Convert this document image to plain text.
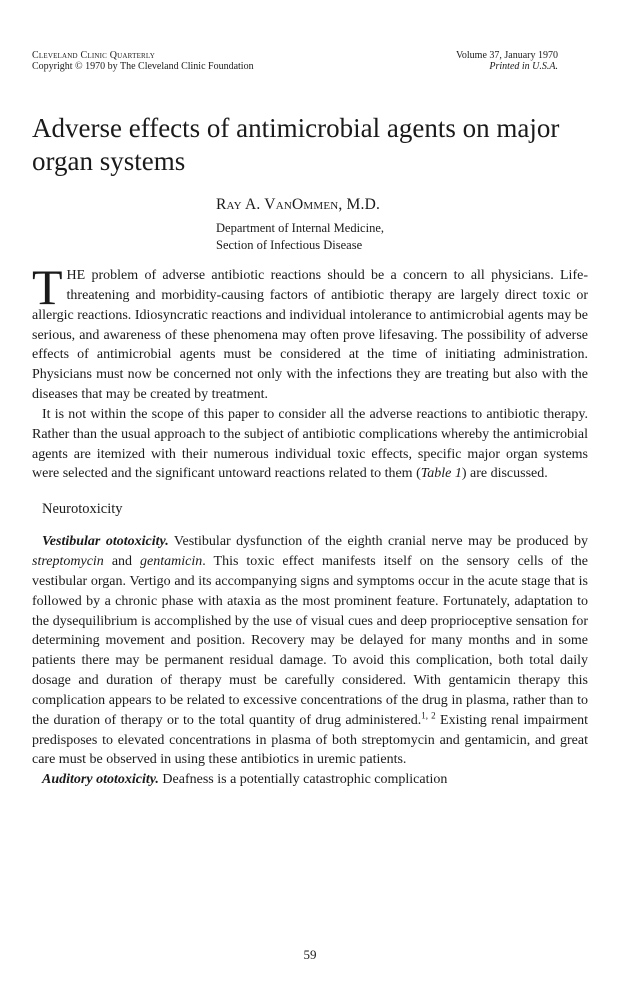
Cleveland Clinic Quarterly
Copyright © 1970 by The Cleveland Clinic Foundation
Volume 37, January 1970
Printed in U.S.A.
Adverse effects of antimicrobial agents on major organ systems
Ray A. VanOmmen, M.D.
Department of Internal Medicine,
Section of Infectious Disease

THE problem of adverse antibiotic reactions should be a concern to all physicians. Life-threatening and morbidity-causing factors of antibiotic therapy are largely direct toxic or allergic reactions. Idiosyncratic reactions and individual intolerance to antimicrobial agents may be serious, and awareness of these phenomena may often prove lifesaving. The possibility of adverse effects of antimicrobial agents must be considered at the time of initiating administration. Physicians must now be concerned not only with the infections they are treating but also with the diseases that may be created by treatment.

It is not within the scope of this paper to consider all the adverse reactions to antibiotic therapy. Rather than the usual approach to the subject of antibiotic complications whereby the antimicrobial agents are itemized with their numerous individual toxic effects, specific major organ systems were selected and the significant untoward reactions related to them (Table 1) are discussed.

Neurotoxicity

Vestibular ototoxicity. Vestibular dysfunction of the eighth cranial nerve may be produced by streptomycin and gentamicin. This toxic effect manifests itself on the sensory cells of the vestibular organ. Vertigo and its accompanying signs and symptoms occur in the acute stage that is followed by a chronic phase with ataxia as the most prominent feature. Fortunately, adaptation to the dysequilibrium is accomplished by the use of visual cues and deep proprioceptive sensation for determining movement and position. Recovery may be delayed for many months and in some patients there may be permanent residual damage. To avoid this complication, both total daily dosage and duration of therapy must be carefully considered. With gentamicin therapy this complication appears to be related to excessive concentrations of the drug in plasma, rather than to the duration of therapy or to the total quantity of drug administered.$^{1, 2}$ Existing renal impairment predisposes to elevated concentrations in plasma of both streptomycin and gentamicin, and great care must be observed in using these antibiotics in uremic patients.

Auditory ototoxicity. Deafness is a potentially catastrophic complication

59
